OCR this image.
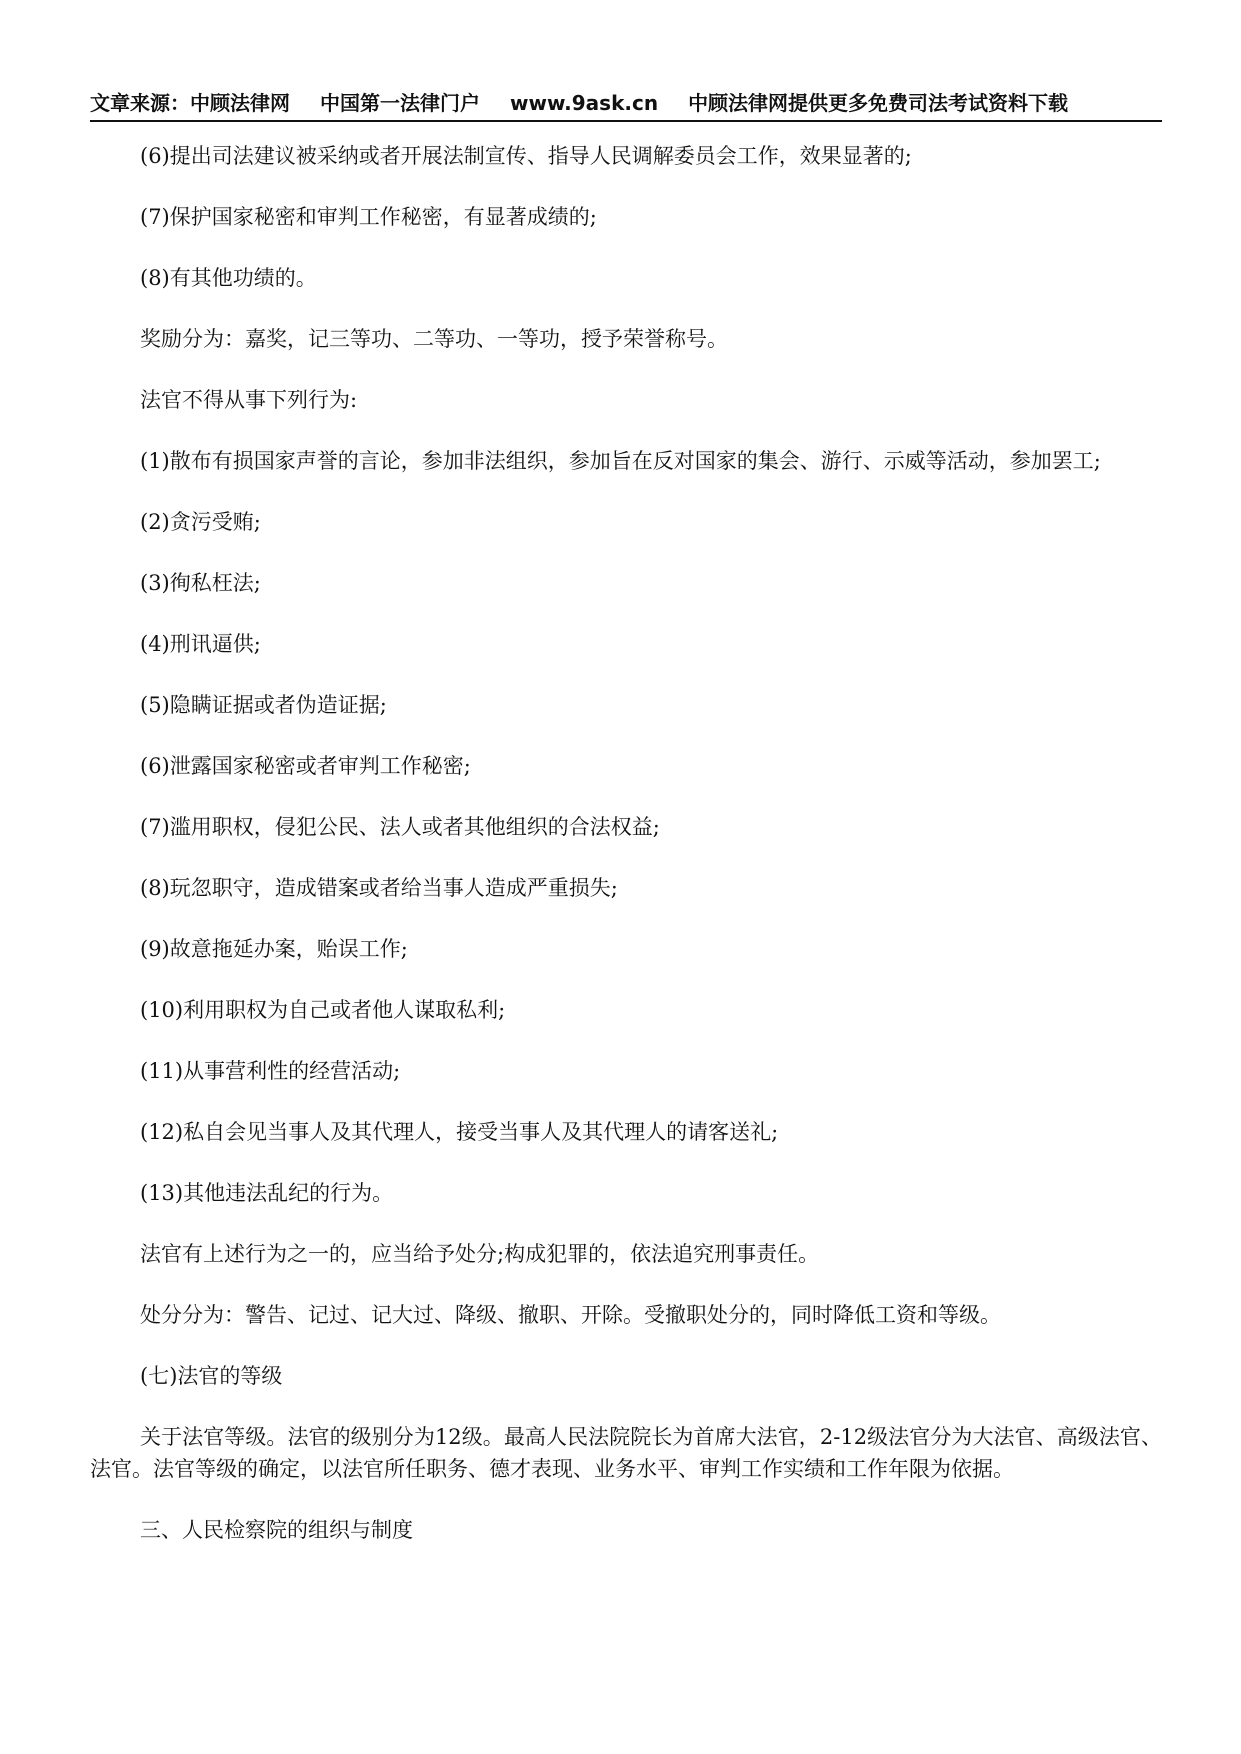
文章来源：中顾法律网 中国第一法律门户 www.9ask.cn 中顾法律网提供更多免费司法考试资料下载

(6)提出司法建议被采纳或者开展法制宣传、指导人民调解委员会工作，效果显著的;

(7)保护国家秘密和审判工作秘密，有显著成绩的;

(8)有其他功绩的。

奖励分为：嘉奖，记三等功、二等功、一等功，授予荣誉称号。

法官不得从事下列行为:

(1)散布有损国家声誉的言论，参加非法组织，参加旨在反对国家的集会、游行、示威等活动，参加罢工;

(2)贪污受贿;

(3)徇私枉法;

(4)刑讯逼供;

(5)隐瞒证据或者伪造证据;

(6)泄露国家秘密或者审判工作秘密;

(7)滥用职权，侵犯公民、法人或者其他组织的合法权益;

(8)玩忽职守，造成错案或者给当事人造成严重损失;

(9)故意拖延办案，贻误工作;

(10)利用职权为自己或者他人谋取私利;

(11)从事营利性的经营活动;

(12)私自会见当事人及其代理人，接受当事人及其代理人的请客送礼;

(13)其他违法乱纪的行为。

法官有上述行为之一的，应当给予处分;构成犯罪的，依法追究刑事责任。

处分分为：警告、记过、记大过、降级、撤职、开除。受撤职处分的，同时降低工资和等级。

(七)法官的等级

关于法官等级。法官的级别分为12级。最高人民法院院长为首席大法官，2-12级法官分为大法官、高级法官、法官。法官等级的确定，以法官所任职务、德才表现、业务水平、审判工作实绩和工作年限为依据。

三、人民检察院的组织与制度
